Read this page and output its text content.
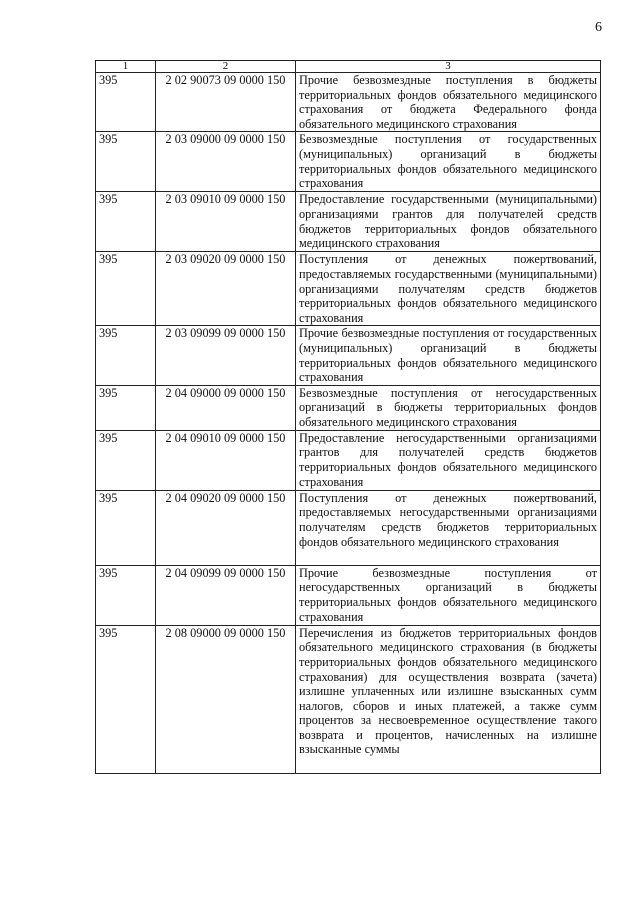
6
1	2	3
395	2 02 90073 09 0000 150	Прочие безвозмездные поступления в бюджеты территориальных фондов обязательного медицинского страхования от бюджета Федерального фонда обязательного медицинского страхования
395	2 03 09000 09 0000 150	Безвозмездные поступления от государственных (муниципальных) организаций в бюджеты территориальных фондов обязательного медицинского страхования
395	2 03 09010 09 0000 150	Предоставление государственными (муниципальными) организациями грантов для получателей средств бюджетов территориальных фондов обязательного медицинского страхования
395	2 03 09020 09 0000 150	Поступления от денежных пожертвований, предоставляемых государственными (муниципальными) организациями получателям средств бюджетов территориальных фондов обязательного медицинского страхования
395	2 03 09099 09 0000 150	Прочие безвозмездные поступления от государственных (муниципальных) организаций в бюджеты территориальных фондов обязательного медицинского страхования
395	2 04 09000 09 0000 150	Безвозмездные поступления от негосударственных организаций в бюджеты территориальных фондов обязательного медицинского страхования
395	2 04 09010 09 0000 150	Предоставление негосударственными организациями грантов для получателей средств бюджетов территориальных фондов обязательного медицинского страхования
395	2 04 09020 09 0000 150	Поступления от денежных пожертвований, предоставляемых негосударственными организациями получателям средств бюджетов территориальных фондов обязательного медицинского страхования
395	2 04 09099 09 0000 150	Прочие безвозмездные поступления от негосударственных организаций в бюджеты территориальных фондов обязательного медицинского страхования
395	2 08 09000 09 0000 150	Перечисления из бюджетов территориальных фондов обязательного медицинского страхования (в бюджеты территориальных фондов обязательного медицинского страхования) для осуществления возврата (зачета) излишне уплаченных или излишне взысканных сумм налогов, сборов и иных платежей, а также сумм процентов за несвоевременное осуществление такого возврата и процентов, начисленных на излишне взысканные суммы
